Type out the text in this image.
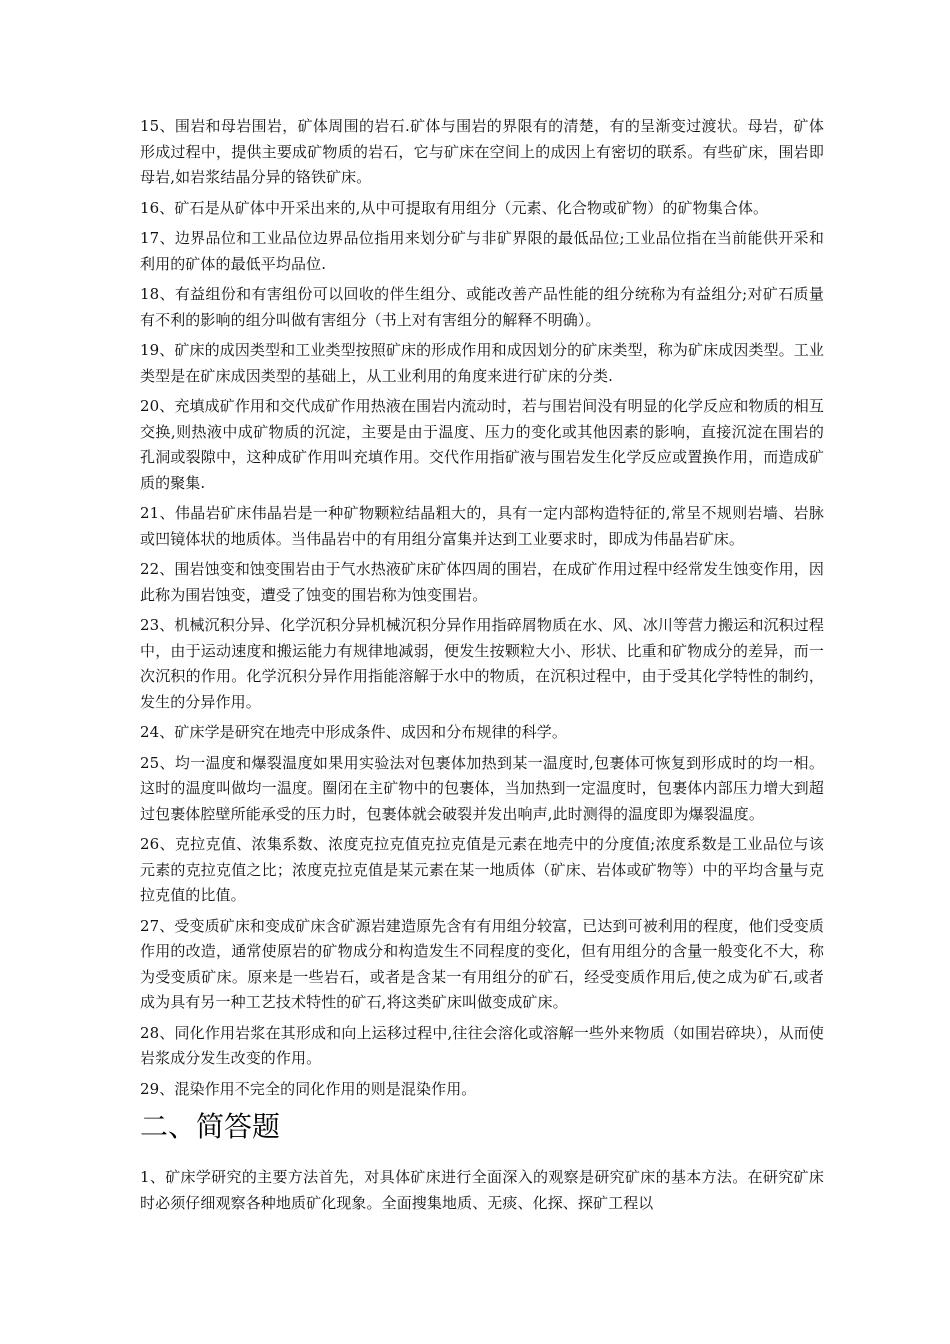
15、围岩和母岩围岩，矿体周围的岩石.矿体与围岩的界限有的清楚，有的呈渐变过渡状。母岩，矿体形成过程中，提供主要成矿物质的岩石，它与矿床在空间上的成因上有密切的联系。有些矿床，围岩即母岩,如岩浆结晶分异的铬铁矿床。

16、矿石是从矿体中开采出来的,从中可提取有用组分（元素、化合物或矿物）的矿物集合体。

17、边界品位和工业品位边界品位指用来划分矿与非矿界限的最低品位;工业品位指在当前能供开采和利用的矿体的最低平均品位.

18、有益组份和有害组份可以回收的伴生组分、或能改善产品性能的组分统称为有益组分;对矿石质量有不利的影响的组分叫做有害组分（书上对有害组分的解释不明确）。

19、矿床的成因类型和工业类型按照矿床的形成作用和成因划分的矿床类型，称为矿床成因类型。工业类型是在矿床成因类型的基础上，从工业利用的角度来进行矿床的分类.

20、充填成矿作用和交代成矿作用热液在围岩内流动时，若与围岩间没有明显的化学反应和物质的相互交换,则热液中成矿物质的沉淀，主要是由于温度、压力的变化或其他因素的影响，直接沉淀在围岩的孔洞或裂隙中，这种成矿作用叫充填作用。交代作用指矿液与围岩发生化学反应或置换作用，而造成矿质的聚集.

21、伟晶岩矿床伟晶岩是一种矿物颗粒结晶粗大的，具有一定内部构造特征的,常呈不规则岩墙、岩脉或凹镜体状的地质体。当伟晶岩中的有用组分富集并达到工业要求时，即成为伟晶岩矿床。

22、围岩蚀变和蚀变围岩由于气水热液矿床矿体四周的围岩，在成矿作用过程中经常发生蚀变作用，因此称为围岩蚀变，遭受了蚀变的围岩称为蚀变围岩。

23、机械沉积分异、化学沉积分异机械沉积分异作用指碎屑物质在水、风、冰川等营力搬运和沉积过程中，由于运动速度和搬运能力有规律地减弱，便发生按颗粒大小、形状、比重和矿物成分的差异，而一次沉积的作用。化学沉积分异作用指能溶解于水中的物质，在沉积过程中，由于受其化学特性的制约，发生的分异作用。

24、矿床学是研究在地壳中形成条件、成因和分布规律的科学。

25、均一温度和爆裂温度如果用实验法对包裹体加热到某一温度时,包裹体可恢复到形成时的均一相。这时的温度叫做均一温度。圈闭在主矿物中的包裹体，当加热到一定温度时，包裹体内部压力增大到超过包裹体腔壁所能承受的压力时，包裹体就会破裂并发出响声,此时测得的温度即为爆裂温度。

26、克拉克值、浓集系数、浓度克拉克值克拉克值是元素在地壳中的分度值;浓度系数是工业品位与该元素的克拉克值之比；浓度克拉克值是某元素在某一地质体（矿床、岩体或矿物等）中的平均含量与克拉克值的比值。

27、受变质矿床和变成矿床含矿源岩建造原先含有有用组分较富，已达到可被利用的程度，他们受变质作用的改造，通常使原岩的矿物成分和构造发生不同程度的变化，但有用组分的含量一般变化不大，称为受变质矿床。原来是一些岩石，或者是含某一有用组分的矿石，经受变质作用后,使之成为矿石,或者成为具有另一种工艺技术特性的矿石,将这类矿床叫做变成矿床。

28、同化作用岩浆在其形成和向上运移过程中,往往会溶化或溶解一些外来物质（如围岩碎块），从而使岩浆成分发生改变的作用。

29、混染作用不完全的同化作用的则是混染作用。

二、简答题

1、矿床学研究的主要方法首先，对具体矿床进行全面深入的观察是研究矿床的基本方法。在研究矿床时必须仔细观察各种地质矿化现象。全面搜集地质、无痰、化探、探矿工程以
